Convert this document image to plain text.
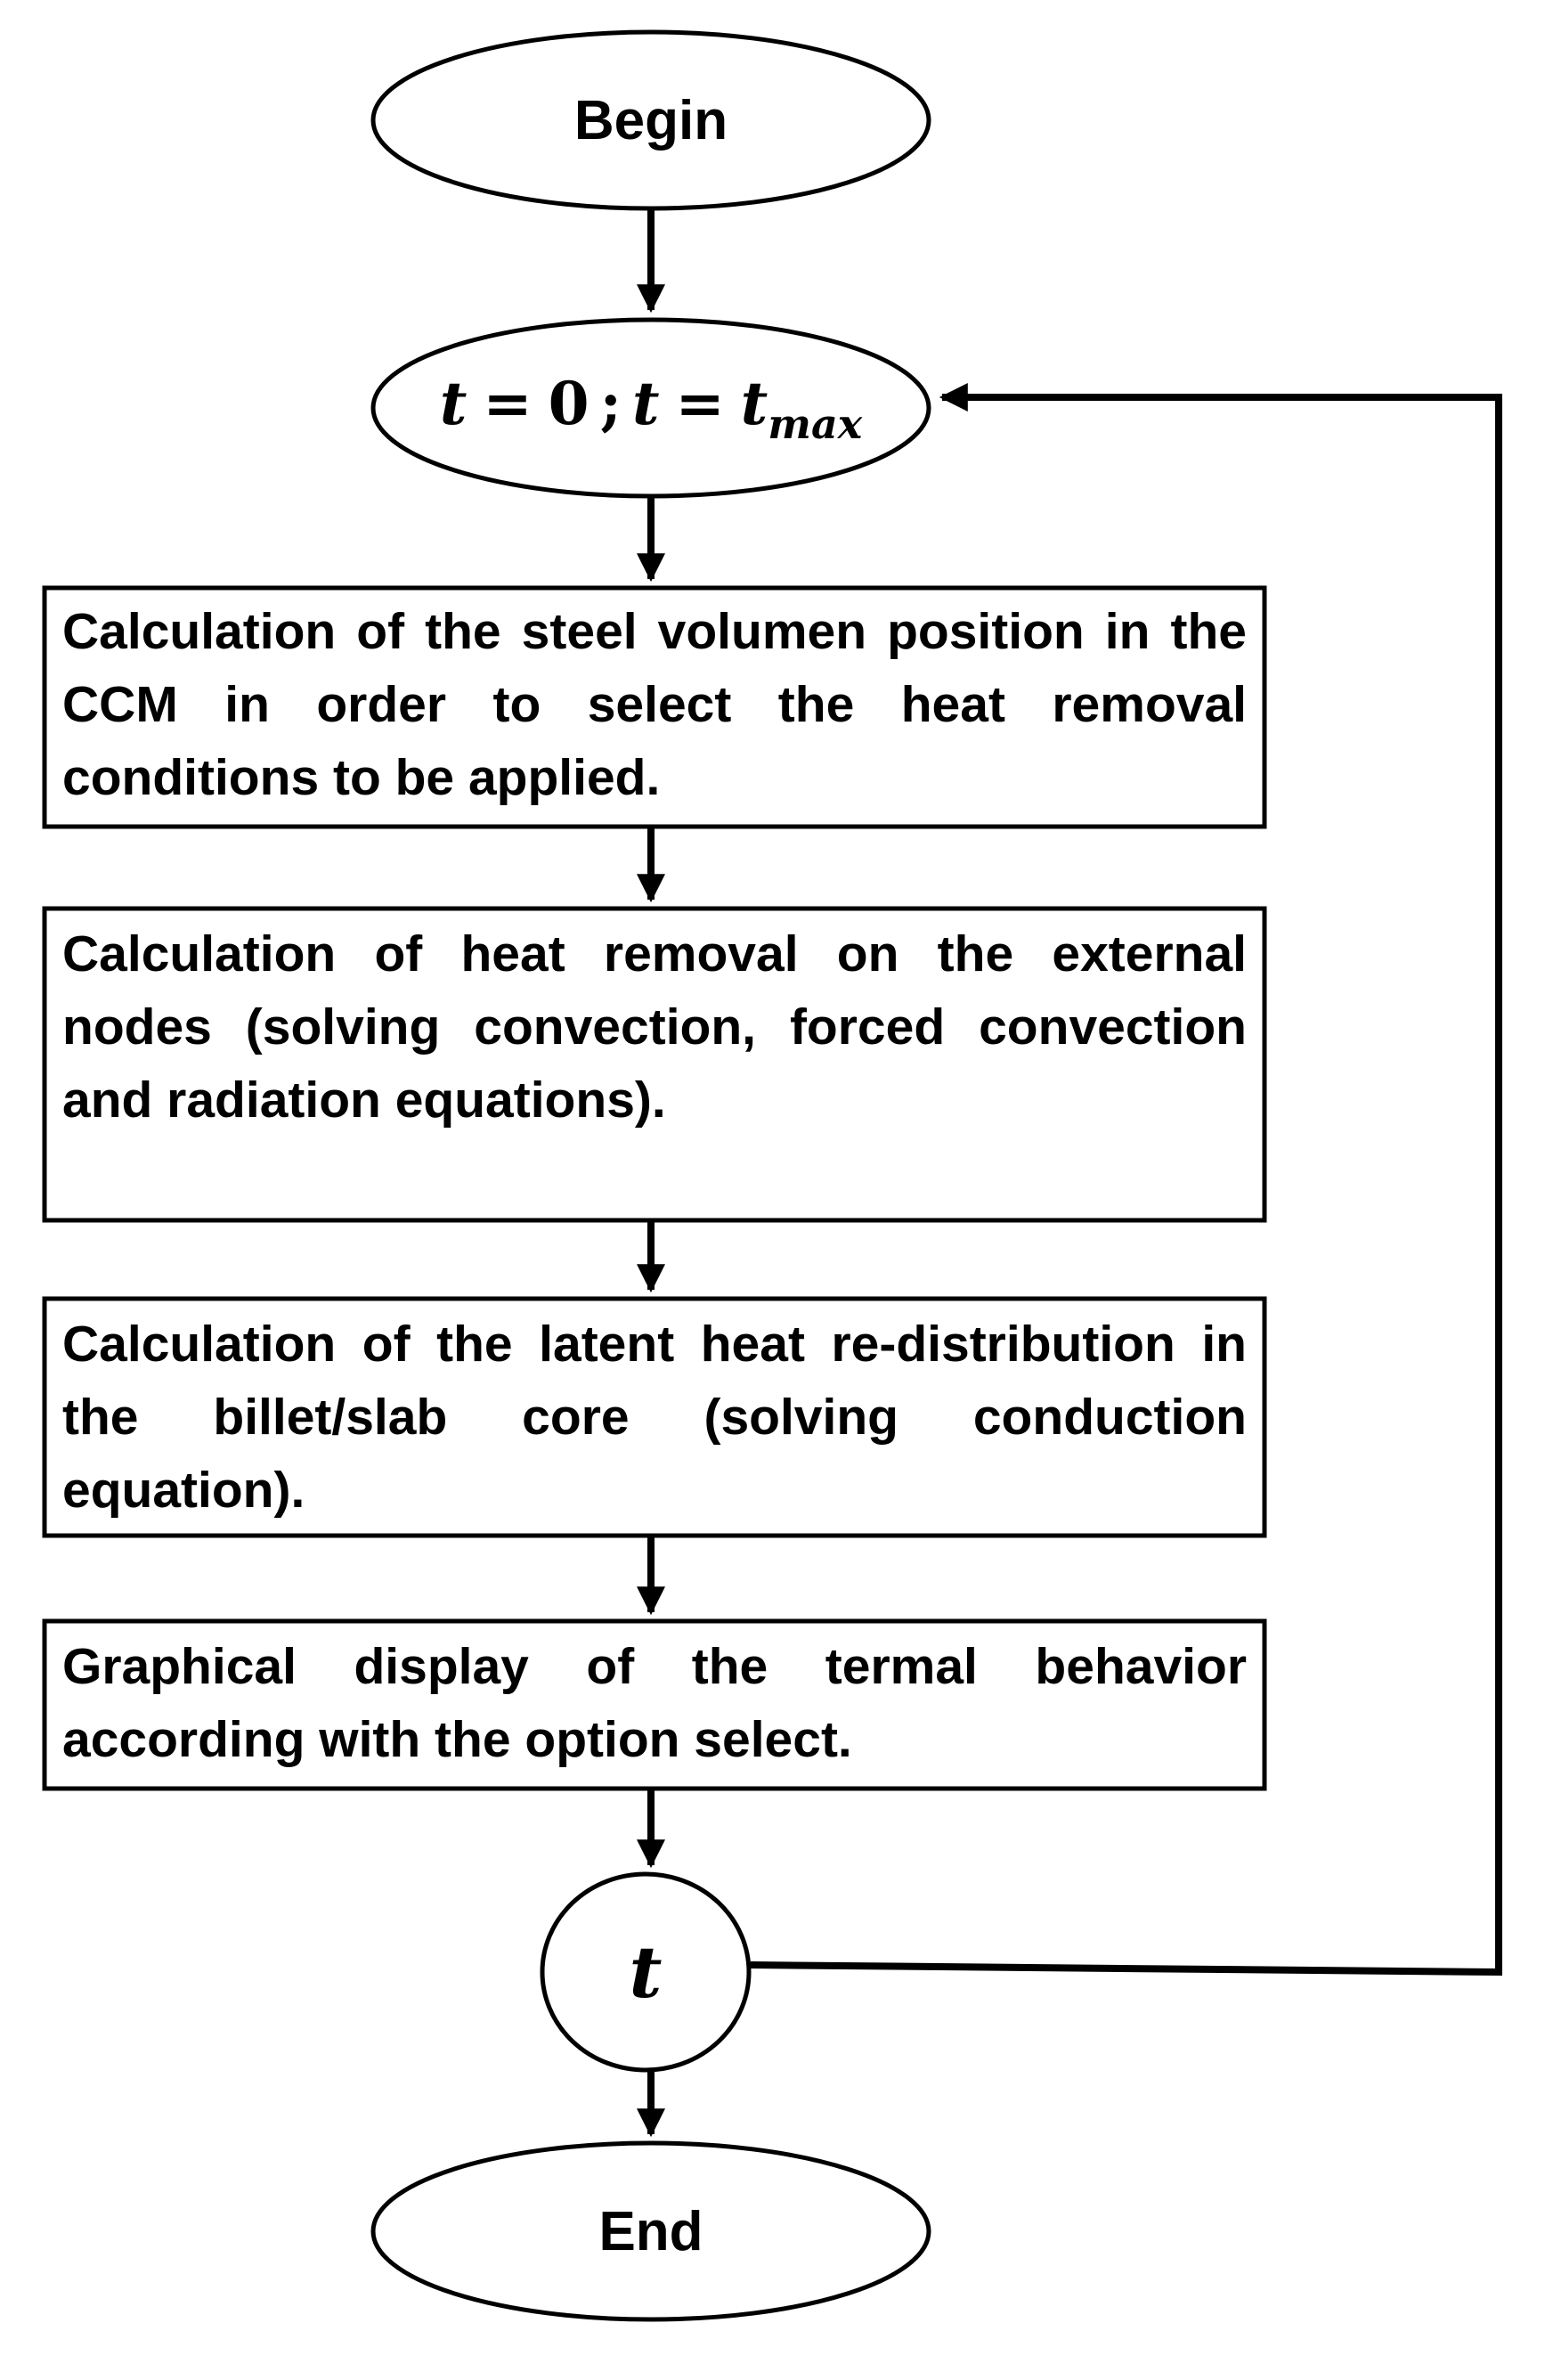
Begin
t = 0 ; $t = t_{max}$
Calculation of the steel volumen position in the CCM in order to select the heat removal conditions to be applied.
Calculation of heat removal on the external nodes (solving convection, forced convection and radiation equations).
Calculation of the latent heat re-distribution in the billet/slab core (solving conduction equation).
Graphical display of the termal behavior according with the option select.
t
End
